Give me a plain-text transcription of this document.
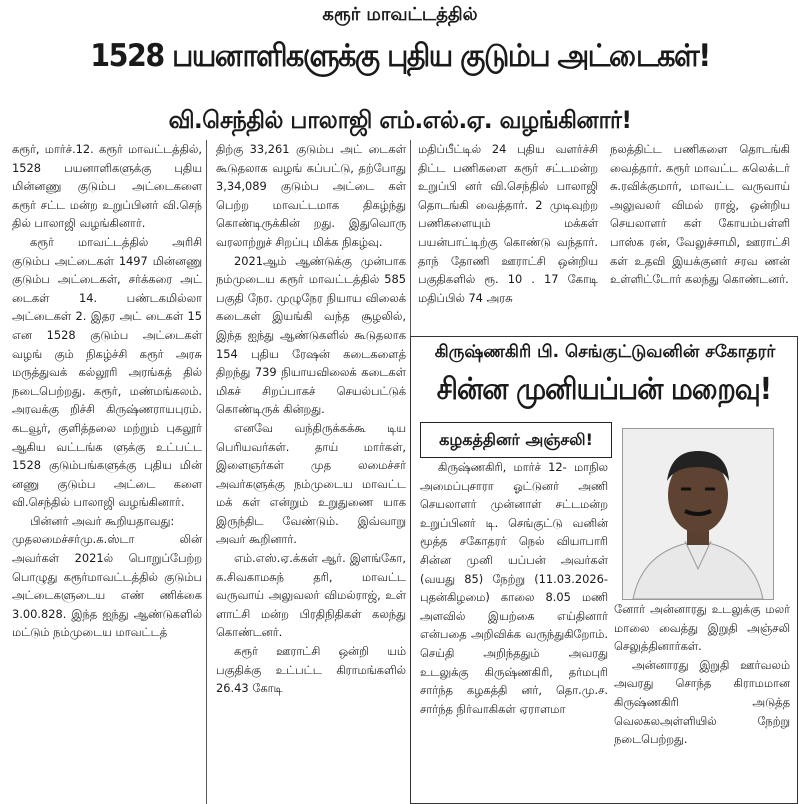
கரூர் மாவட்டத்தில்
1528 பயனாளிகளுக்கு புதிய குடும்ப அட்டைகள்!
வி.செந்தில் பாலாஜி எம்.எல்.ஏ. வழங்கினார்!

கரூர், மார்ச்.12. கரூர் மாவட்டத்தில், 1528 பயனாளிகளுக்கு புதிய மின்னணு குடும்ப அட்டைகளை கரூர் சட்ட மன்ற உறுப்பினர் வி.செந் தில் பாலாஜி வழங்கினார்.

கரூர் மாவட்டத்தில் அரிசி குடும்ப அட்டைகள் 1497 மின்னணு குடும்ப அட்டைகள், சர்க்கரை அட் டைகள் 14. பண்டகமில்லா அட்டைகள் 2. இதர அட் டைகள் 15 என 1528 குடும்ப அட்டைகள் வழங் கும் நிகழ்ச்சி கரூர் அரசு மருத்துவக் கல்லூரி அரங்கத் தில் நடைபெற்றது. கரூர், மண்மங்கலம். அரவக்கு றிச்சி கிருஷ்ணராயபுரம். கடவூர், குளித்தலை மற்றும் புகலூர் ஆகிய வட்டங்க ளுக்கு உட்பட்ட 1528 குடும்பங்களுக்கு புதிய மின் னணு குடும்ப அட்டை களை வி.செந்தில் பாலாஜி வழங்கினார்.

பின்னர் அவர் கூறியதாவது:

முதலமைச்சர்மு.க.ஸ்டா லின் அவர்கள் 2021ல் பொறுப்பேற்ற பொழுது கரூர்மாவட்டத்தில் குடும்ப அட்டைகளுடைய எண் ணிக்கை 3.00.828. இந்த ஐந்து ஆண்டுகளில் மட்டும் நம்முடைய மாவட்டத்

திற்கு 33,261 குடும்ப அட் டைகள் கூடுதலாக வழங் கப்பட்டு, தற்போது 3,34,089 குடும்ப அட்டை கள் பெற்ற மாவட்டமாக திகழ்ந்து கொண்டிருக்கின் றது. இதுவொரு வரலாற்றுச் சிறப்பு மிக்க நிகழ்வு.

2021ஆம் ஆண்டுக்கு முன்பாக நம்முடைய கரூர் மாவட்டத்தில் 585 பகுதி நேர. முழுநேர நியாய விலைக் கடைகள் இயங்கி வந்த சூழலில், இந்த ஐந்து ஆண்டுகளில் கூடுதலாக 154 புதிய ரேஷன் கடைகளைத் திறந்து 739 நியாயவிலைக் கடைகள் மிகச் சிறப்பாகச் செயல்பட்டுக் கொண்டிருக் கின்றது.

எனவே வந்திருக்கக்கூ டிய பெரியவர்கள். தாய் மார்கள், இளைஞர்கள் முத லமைச்சர் அவர்களுக்கு நம்முடைய மாவட்ட மக் கள் என்றும் உறுதுணை யாக இருந்திட வேண்டும். இவ்வாறு அவர் கூறினார்.

எம்.எஸ்.ஏ.க்கள் ஆர். இளங்கோ, க.சிவகாமசுந் தரி, மாவட்ட வருவாய் அலுவலர் விமல்ராஜ், உள் ளாட்சி மன்ற பிரதிநிதிகள் கலந்து கொண்டனர்.

கரூர் ஊராட்சி ஒன்றி யம் பகுதிக்கு உட்பட்ட கிராமங்களில் 26.43 கோடி

மதிப்பீட்டில் 24 புதிய வளர்ச்சி திட்ட பணிகளை கரூர் சட்டமன்ற உறுப்பி னர் வி.செந்தில் பாலாஜி தொடங்கி வைத்தார். 2 முடிவுற்ற பணிகளையும் மக்கள் பயன்பாட்டிற்கு கொண்டு வந்தார். தாந் தோணி ஊராட்சி ஒன்றிய பகுதிகளில் ரூ. 10 . 17 கோடி மதிப்பில் 74 அரசு

நலத்திட்ட பணிகளை தொடங்கி வைத்தார். கரூர் மாவட்ட கலெக்டர் சு.ரவிக்குமார், மாவட்ட வருவாய் அலுவலர் விமல் ராஜ், ஒன்றிய செயலாளர் கள் கோயம்பள்ளி பாஸ்க ரன், வேலுச்சாமி, ஊராட்சி கள் உதவி இயக்குனர் சரவ ணன் உள்ளிட்டோர் கலந்து கொண்டனர்.

கிருஷ்ணகிரி பி. செங்குட்டுவனின் சகோதரர்
சின்ன முனியப்பன் மறைவு!
கழகத்தினர் அஞ்சலி!

கிருஷ்ணகிரி, மார்ச் 12- மாநில அமைப்புசாரா ஓட்டுனர் அணி செயலாளர் முன்னாள் சட்டமன்ற உறுப்பினர் டி. செங்குட்டு வனின் மூத்த சகோதரர் நெல் வியாபாரி சின்ன முனி யப்பன் அவர்கள் (வயது 85) நேற்று (11.03.2026- புதன்கிழமை) காலை 8.05 மணி அளவில் இயற்கை எய்தினார் என்பதை அறிவிக்க வருந்துகிறோம். செய்தி அறிந்ததும் அவரது உடலுக்கு கிருஷ்ணகிரி, தர்மபுரி சார்ந்த கழகத்தி னர், தொ.மு.ச. சார்ந்த நிர்வாகிகள் ஏராளமா

னோர் அன்னாரது உடலுக்கு மலர் மாலை வைத்து இறுதி அஞ்சலி செலுத்தினார்கள்.

அன்னாரது இறுதி ஊர்வலம் அவரது சொந்த கிராமமான கிருஷ்ணகிரி அடுத்த வெலகலஅள்ளியில் நேற்று நடைபெற்றது.
